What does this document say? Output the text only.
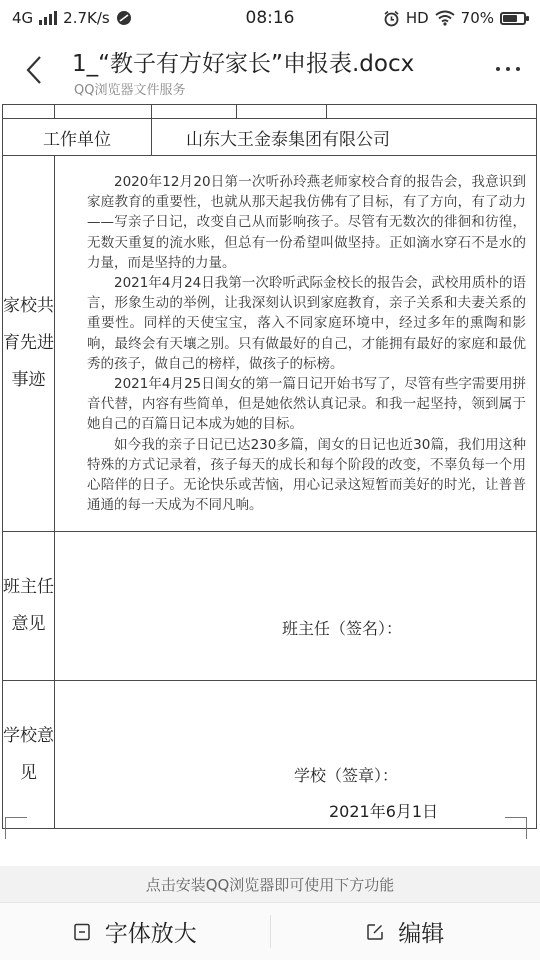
4G 2.7K/s	08:16	HD 70%
1_“教子有方好家长”申报表.docx
QQ浏览器文件服务

工作单位		山东大王金泰集团有限公司		
家校共育先进事迹	2020年12月20日第一次听孙玲燕老师家校合育的报告会，我意识到家庭教育的重要性，也就从那天起我仿佛有了目标，有了方向，有了动力——写亲子日记，改变自己从而影响孩子。尽管有无数次的徘徊和彷徨，无数天重复的流水账，但总有一份希望叫做坚持。正如滴水穿石不是水的力量，而是坚持的力量。

2021年4月24日我第一次聆听武际金校长的报告会，武校用质朴的语言，形象生动的举例，让我深刻认识到家庭教育，亲子关系和夫妻关系的重要性。同样的天使宝宝，落入不同家庭环境中，经过多年的熏陶和影响，最终会有天壤之别。只有做最好的自己，才能拥有最好的家庭和最优秀的孩子，做自己的榜样，做孩子的标榜。

2021年4月25日闺女的第一篇日记开始书写了，尽管有些字需要用拼音代替，内容有些简单，但是她依然认真记录。和我一起坚持，领到属于她自己的百篇日记本成为她的目标。

如今我的亲子日记已达230多篇，闺女的日记也近30篇，我们用这种特殊的方式记录着，孩子每天的成长和每个阶段的改变，不辜负每一个用心陪伴的日子。无论快乐或苦恼，用心记录这短暂而美好的时光，让普普通通的每一天成为不同凡响。			

班主任意见	班主任（签名）：			

学校意见	学校（签章）：
2021年6月1日			
点击安装QQ浏览器即可使用下方功能
字体放大	编辑
